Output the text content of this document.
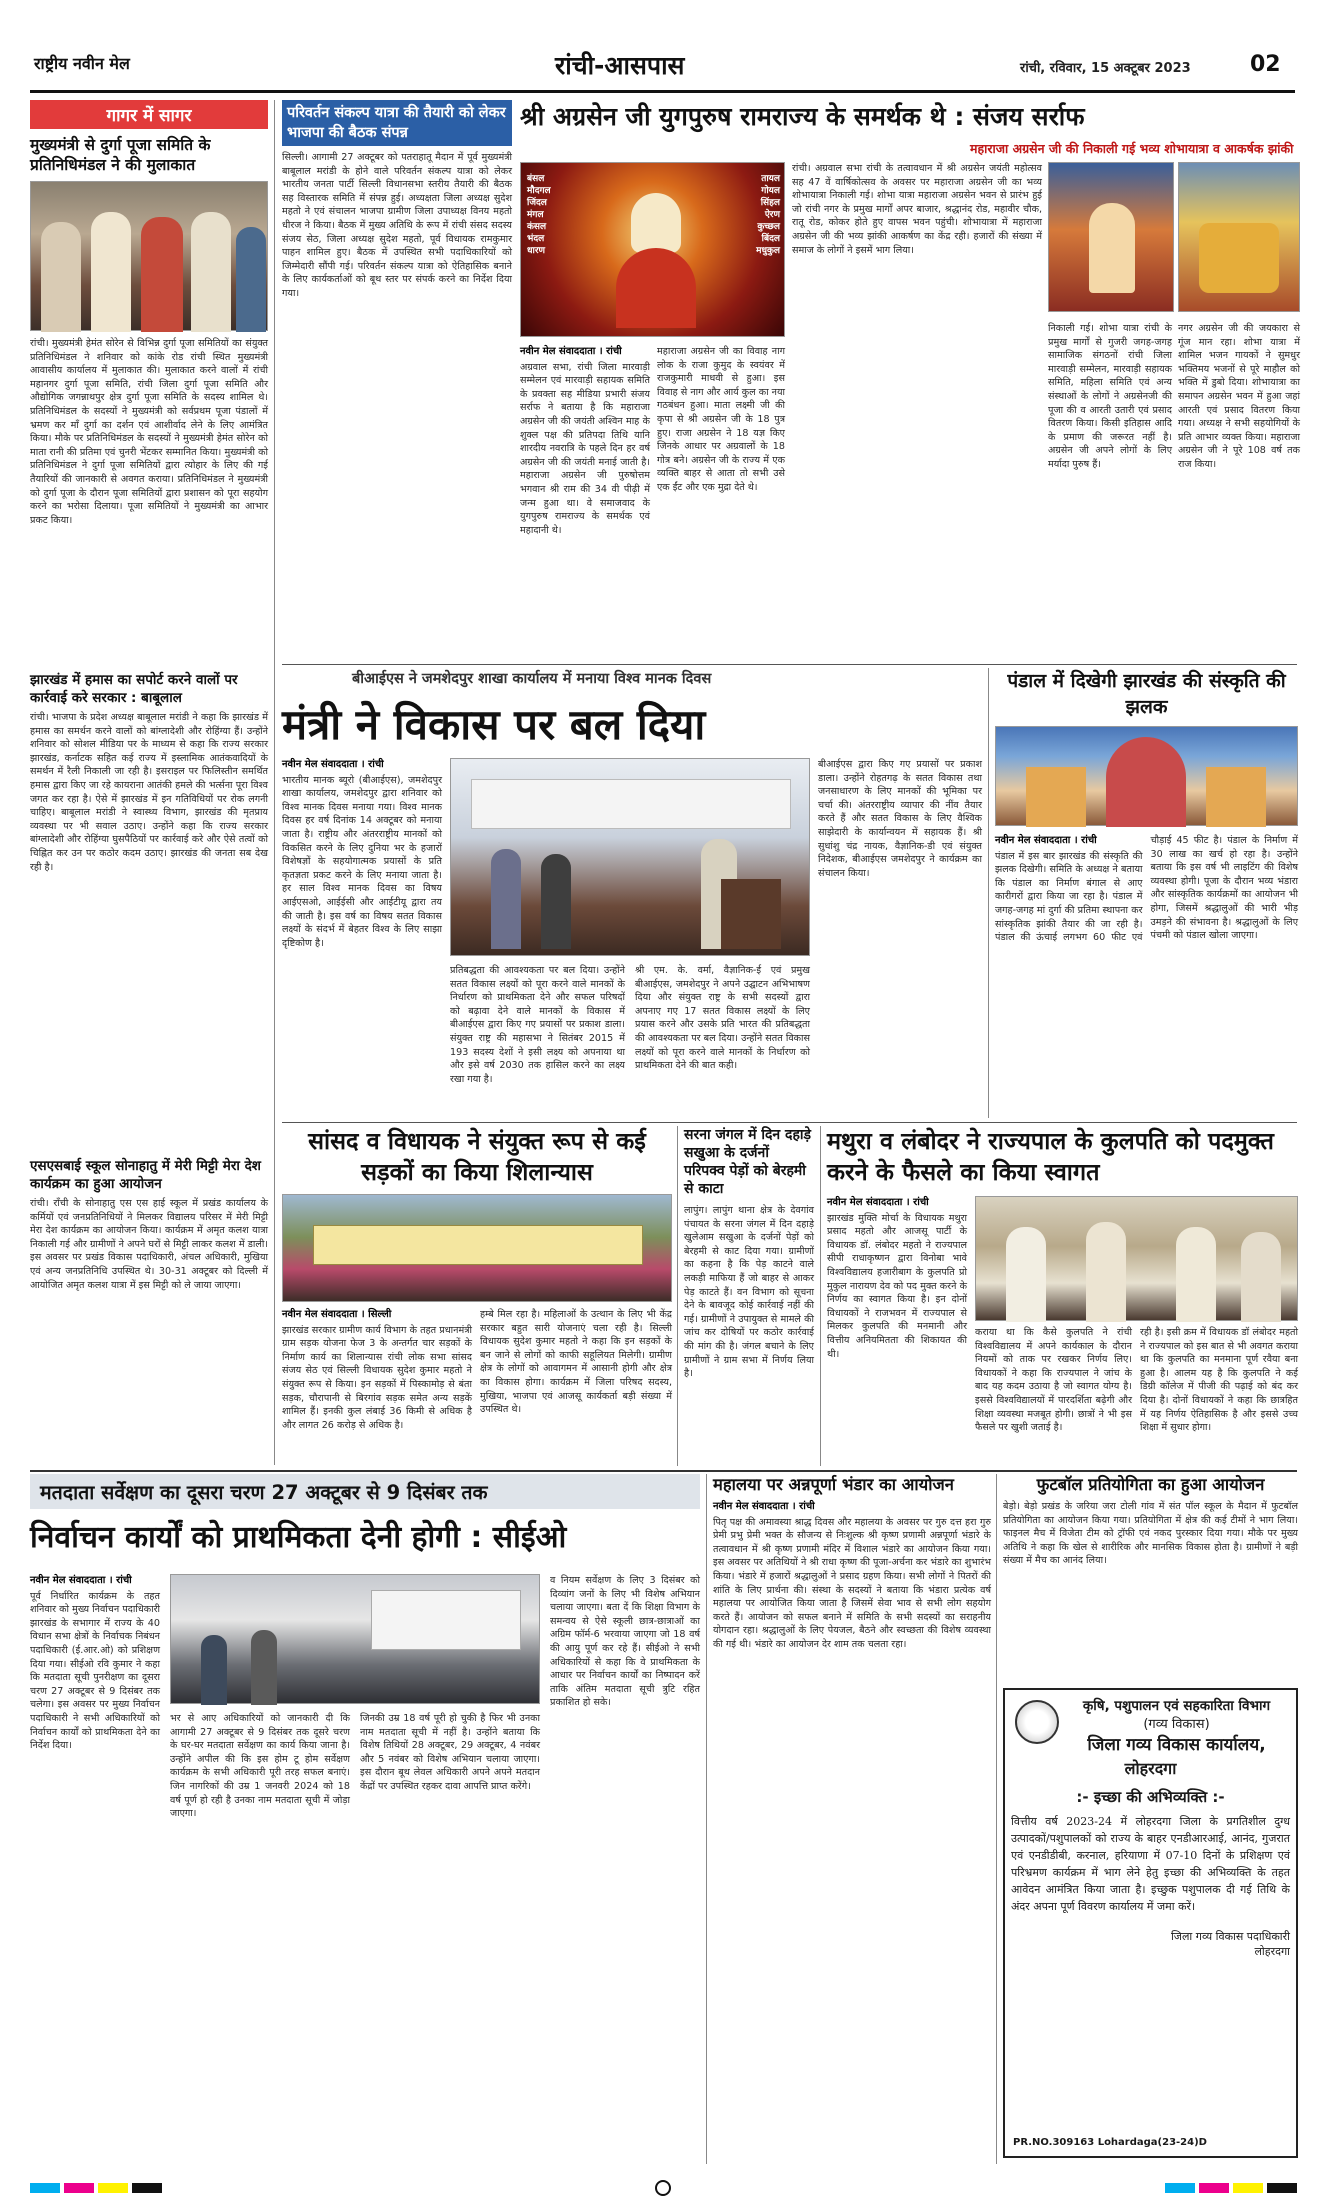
राष्ट्रीय नवीन मेल	रांची-आसपास	रांची, रविवार, 15 अक्टूबर 2023	02
गागर में सागर
मुख्यमंत्री से दुर्गा पूजा समिति के प्रतिनिधिमंडल ने की मुलाकात
रांची। मुख्यमंत्री हेमंत सोरेन से विभिन्न दुर्गा पूजा समितियों का संयुक्त प्रतिनिधिमंडल ने शनिवार को कांके रोड रांची स्थित मुख्यमंत्री आवासीय कार्यालय में मुलाकात की। मुलाकात करने वालों में रांची महानगर दुर्गा पूजा समिति, रांची जिला दुर्गा पूजा समिति और औद्योगिक जगन्नाथपुर क्षेत्र दुर्गा पूजा समिति के सदस्य शामिल थे। प्रतिनिधिमंडल के सदस्यों ने मुख्यमंत्री को सर्वप्रथम पूजा पंडालों में भ्रमण कर माँ दुर्गा का दर्शन एवं आशीर्वाद लेने के लिए आमंत्रित किया। मौके पर प्रतिनिधिमंडल के सदस्यों ने मुख्यमंत्री हेमंत सोरेन को माता रानी की प्रतिमा एवं चुनरी भेंटकर सम्मानित किया। मुख्यमंत्री को प्रतिनिधिमंडल ने दुर्गा पूजा समितियों द्वारा त्योहार के लिए की गई तैयारियों की जानकारी से अवगत कराया। प्रतिनिधिमंडल ने मुख्यमंत्री को दुर्गा पूजा के दौरान पूजा समितियों द्वारा प्रशासन को पूरा सहयोग करने का भरोसा दिलाया। पूजा समितियों ने मुख्यमंत्री का आभार प्रकट किया।
झारखंड में हमास का सपोर्ट करने वालों पर कार्रवाई करे सरकार : बाबूलाल
रांची। भाजपा के प्रदेश अध्यक्ष बाबूलाल मरांडी ने कहा कि झारखंड में हमास का समर्थन करने वालों को बांग्लादेशी और रोहिंग्या हैं। उन्होंने शनिवार को सोशल मीडिया पर के माध्यम से कहा कि राज्य सरकार झारखंड, कर्नाटक सहित कई राज्य में इस्लामिक आतंकवादियों के समर्थन में रैली निकाली जा रही है। इसराइल पर फिलिस्तीन समर्थित हमास द्वारा किए जा रहे कायराना आतंकी हमले की भर्त्सना पूरा विश्व जगत कर रहा है। ऐसे में झारखंड में इन गतिविधियों पर रोक लगनी चाहिए। बाबूलाल मरांडी ने स्वास्थ्य विभाग, झारखंड की मृतप्राय व्यवस्था पर भी सवाल उठाए। उन्होंने कहा कि राज्य सरकार बांग्लादेशी और रोहिंग्या घुसपैठियों पर कार्रवाई करे और ऐसे तत्वों को चिह्नित कर उन पर कठोर कदम उठाए। झारखंड की जनता सब देख रही है।
एसएसबाई स्कूल सोनाहातु में मेरी मिट्टी मेरा देश कार्यक्रम का हुआ आयोजन
रांची। राँची के सोनाहातु एस एस हाई स्कूल में प्रखंड कार्यालय के कर्मियों एवं जनप्रतिनिधियों ने मिलकर विद्यालय परिसर में मेरी मिट्टी मेरा देश कार्यक्रम का आयोजन किया। कार्यक्रम में अमृत कलश यात्रा निकाली गई और ग्रामीणों ने अपने घरों से मिट्टी लाकर कलश में डाली। इस अवसर पर प्रखंड विकास पदाधिकारी, अंचल अधिकारी, मुखिया एवं अन्य जनप्रतिनिधि उपस्थित थे। 30-31 अक्टूबर को दिल्ली में आयोजित अमृत कलश यात्रा में इस मिट्टी को ले जाया जाएगा।
परिवर्तन संकल्प यात्रा की तैयारी को लेकर भाजपा की बैठक संपन्न
सिल्ली। आगामी 27 अक्टूबर को पतराहातू मैदान में पूर्व मुख्यमंत्री बाबूलाल मरांडी के होने वाले परिवर्तन संकल्प यात्रा को लेकर भारतीय जनता पार्टी सिल्ली विधानसभा स्तरीय तैयारी की बैठक सह विस्तारक समिति में संपन्न हुई। अध्यक्षता जिला अध्यक्ष सुदेश महतो ने एवं संचालन भाजपा ग्रामीण जिला उपाध्यक्ष विनय महतो धीरज ने किया। बैठक में मुख्य अतिथि के रूप में रांची संसद सदस्य संजय सेठ, जिला अध्यक्ष सुदेश महतो, पूर्व विधायक रामकुमार पाहन शामिल हुए। बैठक में उपस्थित सभी पदाधिकारियों को जिम्मेदारी सौंपी गई। परिवर्तन संकल्प यात्रा को ऐतिहासिक बनाने के लिए कार्यकर्ताओं को बूथ स्तर पर संपर्क करने का निर्देश दिया गया।
श्री अग्रसेन जी युगपुरुष रामराज्य के समर्थक थे : संजय सर्राफ
महाराजा अग्रसेन जी की निकाली गई भव्य शोभायात्रा व आकर्षक झांकी
बंसल
मौदगल
जिंदल
मंगल
कंसल
भंदल
धारण
तायल
गोयल
सिंहल
ऐरण
कुच्छल
बिंदल
मधुकुल
नवीन मेल संवाददाता । रांची
अग्रवाल सभा, रांची जिला मारवाड़ी सम्मेलन एवं मारवाड़ी सहायक समिति के प्रवक्ता सह मीडिया प्रभारी संजय सर्राफ ने बताया है कि महाराजा अग्रसेन जी की जयंती अश्विन माह के शुक्ल पक्ष की प्रतिपदा तिथि यानि शारदीय नवरात्रि के पहले दिन हर वर्ष अग्रसेन जी की जयंती मनाई जाती है। महाराजा अग्रसेन जी पुरुषोत्तम भगवान श्री राम की 34 वी पीढ़ी में जन्म हुआ था। वे समाजवाद के युगपुरुष रामराज्य के समर्थक एवं महादानी थे।
महाराजा अग्रसेन जी का विवाह नाग लोक के राजा कुमुद के स्वयंवर में राजकुमारी माधवी से हुआ। इस विवाह से नाग और आर्य कुल का नया गठबंधन हुआ। माता लक्ष्मी जी की कृपा से श्री अग्रसेन जी के 18 पुत्र हुए। राजा अग्रसेन ने 18 यज्ञ किए जिनके आधार पर अग्रवालों के 18 गोत्र बने। अग्रसेन जी के राज्य में एक व्यक्ति बाहर से आता तो सभी उसे एक ईंट और एक मुद्रा देते थे।
रांची। अग्रवाल सभा रांची के तत्वावधान में श्री अग्रसेन जयंती महोत्सव सह 47 वें वार्षिकोत्सव के अवसर पर महाराजा अग्रसेन जी का भव्य शोभायात्रा निकाली गई। शोभा यात्रा महाराजा अग्रसेन भवन से प्रारंभ हुई जो रांची नगर के प्रमुख मार्गों अपर बाजार, श्रद्धानंद रोड, महावीर चौक, रातू रोड, कोकर होते हुए वापस भवन पहुंची। शोभायात्रा में महाराजा अग्रसेन जी की भव्य झांकी आकर्षण का केंद्र रही। हजारों की संख्या में समाज के लोगों ने इसमें भाग लिया।
निकाली गई। शोभा यात्रा रांची के प्रमुख मार्गों से गुजरी जगह-जगह सामाजिक संगठनों रांची जिला मारवाड़ी सम्मेलन, मारवाड़ी सहायक समिति, महिला समिति एवं अन्य संस्थाओं के लोगों ने अग्रसेनजी की पूजा की व आरती उतारी एवं प्रसाद वितरण किया। किसी इतिहास आदि के प्रमाण की जरूरत नहीं है। अग्रसेन जी अपने लोगों के लिए मर्यादा पुरुष हैं।
नगर अग्रसेन जी की जयकारा से गूंज मान रहा। शोभा यात्रा में शामिल भजन गायकों ने सुमधुर भक्तिमय भजनों से पूरे माहौल को भक्ति में डुबो दिया। शोभायात्रा का समापन अग्रसेन भवन में हुआ जहां आरती एवं प्रसाद वितरण किया गया। अध्यक्ष ने सभी सहयोगियों के प्रति आभार व्यक्त किया। महाराजा अग्रसेन जी ने पूरे 108 वर्ष तक राज किया।
बीआईएस ने जमशेदपुर शाखा कार्यालय में मनाया विश्व मानक दिवस
मंत्री ने विकास पर बल दिया
नवीन मेल संवाददाता । रांची
भारतीय मानक ब्यूरो (बीआईएस), जमशेदपुर शाखा कार्यालय, जमशेदपुर द्वारा शनिवार को विश्व मानक दिवस मनाया गया। विश्व मानक दिवस हर वर्ष दिनांक 14 अक्टूबर को मनाया जाता है। राष्ट्रीय और अंतरराष्ट्रीय मानकों को विकसित करने के लिए दुनिया भर के हजारों विशेषज्ञों के सहयोगात्मक प्रयासों के प्रति कृतज्ञता प्रकट करने के लिए मनाया जाता है। हर साल विश्व मानक दिवस का विषय आईएसओ, आईईसी और आईटीयू द्वारा तय की जाती है। इस वर्ष का विषय सतत विकास लक्ष्यों के संदर्भ में बेहतर विश्व के लिए साझा दृष्टिकोण है।
प्रतिबद्धता की आवश्यकता पर बल दिया। उन्होंने सतत विकास लक्ष्यों को पूरा करने वाले मानकों के निर्धारण को प्राथमिकता देने और सफल परिषदों को बढ़ावा देने वाले मानकों के विकास में बीआईएस द्वारा किए गए प्रयासों पर प्रकाश डाला। संयुक्त राष्ट्र की महासभा ने सितंबर 2015 में 193 सदस्य देशों ने इसी लक्ष्य को अपनाया था और इसे वर्ष 2030 तक हासिल करने का लक्ष्य रखा गया है।
श्री एम. के. वर्मा, वैज्ञानिक-ई एवं प्रमुख बीआईएस, जमशेदपुर ने अपने उद्घाटन अभिभाषण दिया और संयुक्त राष्ट्र के सभी सदस्यों द्वारा अपनाए गए 17 सतत विकास लक्ष्यों के लिए प्रयास करने और उसके प्रति भारत की प्रतिबद्धता की आवश्यकता पर बल दिया। उन्होंने सतत विकास लक्ष्यों को पूरा करने वाले मानकों के निर्धारण को प्राथमिकता देने की बात कही।
बीआईएस द्वारा किए गए प्रयासों पर प्रकाश डाला। उन्होंने रोहतगढ़ के सतत विकास तथा जनसाधारण के लिए मानकों की भूमिका पर चर्चा की। अंतरराष्ट्रीय व्यापार की नींव तैयार करते हैं और सतत विकास के लिए वैश्विक साझेदारी के कार्यान्वयन में सहायक हैं। श्री सुधांशु चंद्र नायक, वैज्ञानिक-डी एवं संयुक्त निदेशक, बीआईएस जमशेदपुर ने कार्यक्रम का संचालन किया।
पंडाल में दिखेगी झारखंड की संस्कृति की झलक
नवीन मेल संवाददाता । रांची
पंडाल में इस बार झारखंड की संस्कृति की झलक दिखेगी। समिति के अध्यक्ष ने बताया कि पंडाल का निर्माण बंगाल से आए कारीगरों द्वारा किया जा रहा है। पंडाल में जगह-जगह मां दुर्गा की प्रतिमा स्थापना कर सांस्कृतिक झांकी तैयार की जा रही है। पंडाल की ऊंचाई लगभग 60 फीट एवं चौड़ाई 45 फीट है। पंडाल के निर्माण में 30 लाख का खर्च हो रहा है। उन्होंने बताया कि इस वर्ष भी लाइटिंग की विशेष व्यवस्था होगी। पूजा के दौरान भव्य भंडारा और सांस्कृतिक कार्यक्रमों का आयोजन भी होगा, जिसमें श्रद्धालुओं की भारी भीड़ उमड़ने की संभावना है। श्रद्धालुओं के लिए पंचमी को पंडाल खोला जाएगा।
सांसद व विधायक ने संयुक्त रूप से कई सड़कों का किया शिलान्यास
नवीन मेल संवाददाता । सिल्ली
झारखंड सरकार ग्रामीण कार्य विभाग के तहत प्रधानमंत्री ग्राम सड़क योजना फेज 3 के अन्तर्गत चार सड़कों के निर्माण कार्य का शिलान्यास रांची लोक सभा सांसद संजय सेठ एवं सिल्ली विधायक सुदेश कुमार महतो ने संयुक्त रूप से किया। इन सड़कों में पिस्कामोड़ से बंता सड़क, चौरापानी से बिरगांव सड़क समेत अन्य सड़कें शामिल हैं। इनकी कुल लंबाई 36 किमी से अधिक है और लागत 26 करोड़ से अधिक है।
हम्बे मिल रहा है। महिलाओं के उत्थान के लिए भी केंद्र सरकार बहुत सारी योजनाएं चला रही है। सिल्ली विधायक सुदेश कुमार महतो ने कहा कि इन सड़कों के बन जाने से लोगों को काफी सहूलियत मिलेगी। ग्रामीण क्षेत्र के लोगों को आवागमन में आसानी होगी और क्षेत्र का विकास होगा। कार्यक्रम में जिला परिषद सदस्य, मुखिया, भाजपा एवं आजसू कार्यकर्ता बड़ी संख्या में उपस्थित थे।
सरना जंगल में दिन दहाड़े सखुआ के दर्जनों परिपक्व पेड़ों को बेरहमी से काटा
लापुंग। लापुंग थाना क्षेत्र के देवगांव पंचायत के सरना जंगल में दिन दहाड़े खुलेआम सखुआ के दर्जनों पेड़ों को बेरहमी से काट दिया गया। ग्रामीणों का कहना है कि पेड़ काटने वाले लकड़ी माफिया हैं जो बाहर से आकर पेड़ काटते हैं। वन विभाग को सूचना देने के बावजूद कोई कार्रवाई नहीं की गई। ग्रामीणों ने उपायुक्त से मामले की जांच कर दोषियों पर कठोर कार्रवाई की मांग की है। जंगल बचाने के लिए ग्रामीणों ने ग्राम सभा में निर्णय लिया है।
मथुरा व लंबोदर ने राज्यपाल के कुलपति को पदमुक्त करने के फैसले का किया स्वागत
नवीन मेल संवाददाता । रांची
झारखंड मुक्ति मोर्चा के विधायक मथुरा प्रसाद महतो और आजसू पार्टी के विधायक डॉ. लंबोदर महतो ने राज्यपाल सीपी राधाकृष्णन द्वारा विनोबा भावे विश्वविद्यालय हजारीबाग के कुलपति प्रो मुकुल नारायण देव को पद मुक्त करने के निर्णय का स्वागत किया है। इन दोनों विधायकों ने राजभवन में राज्यपाल से मिलकर कुलपति की मनमानी और वित्तीय अनियमितता की शिकायत की थी।
कराया था कि कैसे कुलपति ने रांची विश्वविद्यालय में अपने कार्यकाल के दौरान नियमों को ताक पर रखकर निर्णय लिए। विधायकों ने कहा कि राज्यपाल ने जांच के बाद यह कदम उठाया है जो स्वागत योग्य है। इससे विश्वविद्यालयों में पारदर्शिता बढ़ेगी और शिक्षा व्यवस्था मजबूत होगी। छात्रों ने भी इस फैसले पर खुशी जताई है।
रही है। इसी क्रम में विधायक डॉ लंबोदर महतो ने राज्यपाल को इस बात से भी अवगत कराया था कि कुलपति का मनमाना पूर्ण रवैया बना हुआ है। आलम यह है कि कुलपति ने कई डिग्री कॉलेज में पीजी की पढ़ाई को बंद कर दिया है। दोनों विधायकों ने कहा कि छात्रहित में यह निर्णय ऐतिहासिक है और इससे उच्च शिक्षा में सुधार होगा।
मतदाता सर्वेक्षण का दूसरा चरण 27 अक्टूबर से 9 दिसंबर तक
निर्वाचन कार्यों को प्राथमिकता देनी होगी : सीईओ
नवीन मेल संवाददाता । रांची
पूर्व निर्धारित कार्यक्रम के तहत शनिवार को मुख्य निर्वाचन पदाधिकारी झारखंड के सभागार में राज्य के 40 विधान सभा क्षेत्रों के निर्वाचक निबंधन पदाधिकारी (ई.आर.ओ) को प्रशिक्षण दिया गया। सीईओ रवि कुमार ने कहा कि मतदाता सूची पुनरीक्षण का दूसरा चरण 27 अक्टूबर से 9 दिसंबर तक चलेगा। इस अवसर पर मुख्य निर्वाचन पदाधिकारी ने सभी अधिकारियों को निर्वाचन कार्यों को प्राथमिकता देने का निर्देश दिया।
भर से आए अधिकारियों को जानकारी दी कि आगामी 27 अक्टूबर से 9 दिसंबर तक दूसरे चरण के घर-घर मतदाता सर्वेक्षण का कार्य किया जाना है। उन्होंने अपील की कि इस होम टू होम सर्वेक्षण कार्यक्रम के सभी अधिकारी पूरी तरह सफल बनाएं। जिन नागरिकों की उम्र 1 जनवरी 2024 को 18 वर्ष पूर्ण हो रही है उनका नाम मतदाता सूची में जोड़ा जाएगा।
जिनकी उम्र 18 वर्ष पूरी हो चुकी है फिर भी उनका नाम मतदाता सूची में नहीं है। उन्होंने बताया कि विशेष तिथियों 28 अक्टूबर, 29 अक्टूबर, 4 नवंबर और 5 नवंबर को विशेष अभियान चलाया जाएगा। इस दौरान बूथ लेवल अधिकारी अपने अपने मतदान केंद्रों पर उपस्थित रहकर दावा आपत्ति प्राप्त करेंगे।
व नियम सर्वेक्षण के लिए 3 दिसंबर को दिव्यांग जनों के लिए भी विशेष अभियान चलाया जाएगा। बता दें कि शिक्षा विभाग के समन्वय से ऐसे स्कूली छात्र-छात्राओं का अग्रिम फॉर्म-6 भरवाया जाएगा जो 18 वर्ष की आयु पूर्ण कर रहे हैं। सीईओ ने सभी अधिकारियों से कहा कि वे प्राथमिकता के आधार पर निर्वाचन कार्यों का निष्पादन करें ताकि अंतिम मतदाता सूची त्रुटि रहित प्रकाशित हो सके।
महालया पर अन्नपूर्णा भंडार का आयोजन
नवीन मेल संवाददाता । रांची
पितृ पक्ष की अमावस्या श्राद्ध दिवस और महालया के अवसर पर गुरु दत्त हरा गुरु प्रेमी प्रभु प्रेमी भक्त के सौजन्य से निःशुल्क श्री कृष्ण प्रणामी अन्नपूर्णा भंडारे के तत्वावधान में श्री कृष्ण प्रणामी मंदिर में विशाल भंडारे का आयोजन किया गया। इस अवसर पर अतिथियों ने श्री राधा कृष्ण की पूजा-अर्चना कर भंडारे का शुभारंभ किया। भंडारे में हजारों श्रद्धालुओं ने प्रसाद ग्रहण किया। सभी लोगों ने पितरों की शांति के लिए प्रार्थना की। संस्था के सदस्यों ने बताया कि भंडारा प्रत्येक वर्ष महालया पर आयोजित किया जाता है जिसमें सेवा भाव से सभी लोग सहयोग करते हैं। आयोजन को सफल बनाने में समिति के सभी सदस्यों का सराहनीय योगदान रहा। श्रद्धालुओं के लिए पेयजल, बैठने और स्वच्छता की विशेष व्यवस्था की गई थी। भंडारे का आयोजन देर शाम तक चलता रहा।
फुटबॉल प्रतियोगिता का हुआ आयोजन
बेड़ो। बेड़ो प्रखंड के जरिया जरा टोली गांव में संत पॉल स्कूल के मैदान में फुटबॉल प्रतियोगिता का आयोजन किया गया। प्रतियोगिता में क्षेत्र की कई टीमों ने भाग लिया। फाइनल मैच में विजेता टीम को ट्रॉफी एवं नकद पुरस्कार दिया गया। मौके पर मुख्य अतिथि ने कहा कि खेल से शारीरिक और मानसिक विकास होता है। ग्रामीणों ने बड़ी संख्या में मैच का आनंद लिया।
कृषि, पशुपालन एवं सहकारिता विभाग
(गव्य विकास)
जिला गव्य विकास कार्यालय,
लोहरदगा
:- इच्छा की अभिव्यक्ति :-
वित्तीय वर्ष 2023-24 में लोहरदगा जिला के प्रगतिशील दुग्ध उत्पादकों/पशुपालकों को राज्य के बाहर एनडीआरआई, आनंद, गुजरात एवं एनडीडीबी, करनाल, हरियाणा में 07-10 दिनों के प्रशिक्षण एवं परिभ्रमण कार्यक्रम में भाग लेने हेतु इच्छा की अभिव्यक्ति के तहत आवेदन आमंत्रित किया जाता है। इच्छुक पशुपालक दी गई तिथि के अंदर अपना पूर्ण विवरण कार्यालय में जमा करें।
जिला गव्य विकास पदाधिकारी
लोहरदगा
PR.NO.309163 Lohardaga(23-24)D
